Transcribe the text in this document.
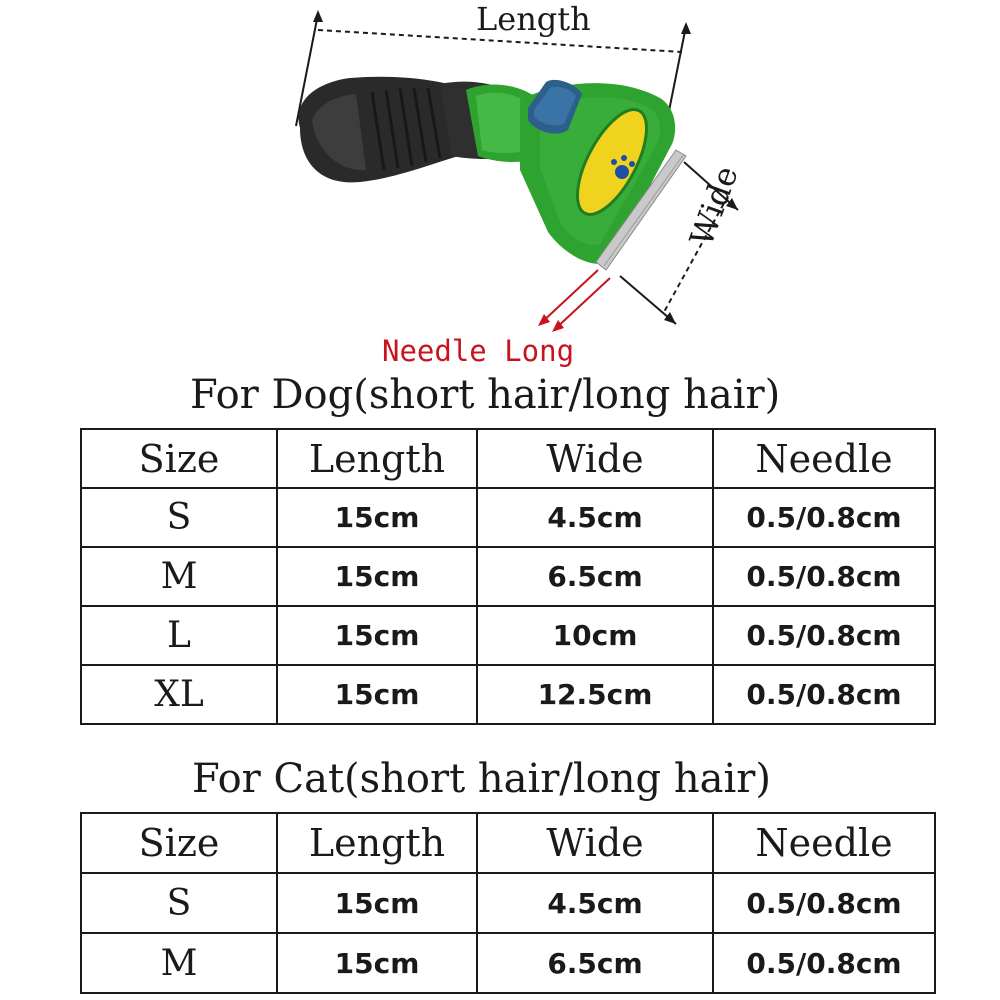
Length
Wide
Needle Long
For Dog(short hair/long hair)
Size	Length	Wide	Needle
S	15cm	4.5cm	0.5/0.8cm
M	15cm	6.5cm	0.5/0.8cm
L	15cm	10cm	0.5/0.8cm
XL	15cm	12.5cm	0.5/0.8cm
For Cat(short hair/long hair)
Size	Length	Wide	Needle
S	15cm	4.5cm	0.5/0.8cm
M	15cm	6.5cm	0.5/0.8cm
